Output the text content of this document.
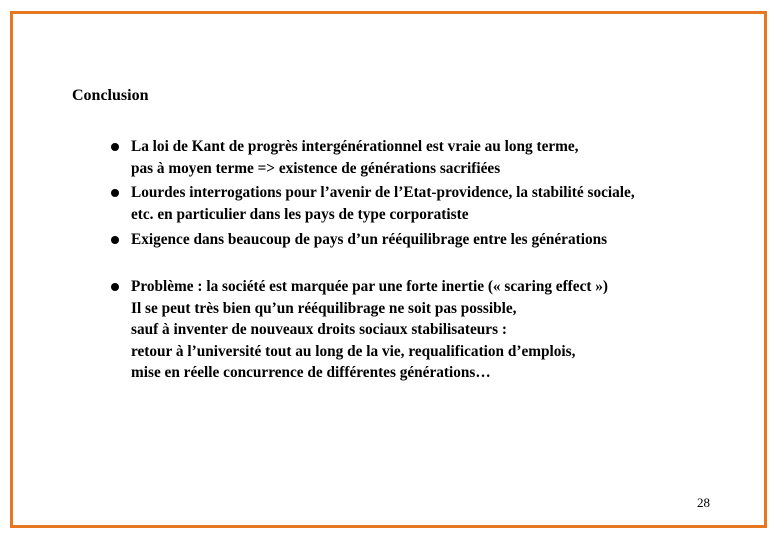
Conclusion
La loi de Kant de progrès intergénérationnel est vraie au long terme,
pas à moyen terme => existence de générations sacrifiées
Lourdes interrogations pour l’avenir de l’Etat-providence, la stabilité sociale,
etc. en particulier dans les pays de type corporatiste
Exigence dans beaucoup de pays d’un rééquilibrage entre les générations
Problème : la société est marquée par une forte inertie (« scaring effect »)
Il se peut très bien qu’un rééquilibrage ne soit pas possible,
sauf à inventer de nouveaux droits sociaux stabilisateurs :
retour à l’université tout au long de la vie, requalification d’emplois,
mise en réelle concurrence de différentes générations…
28
